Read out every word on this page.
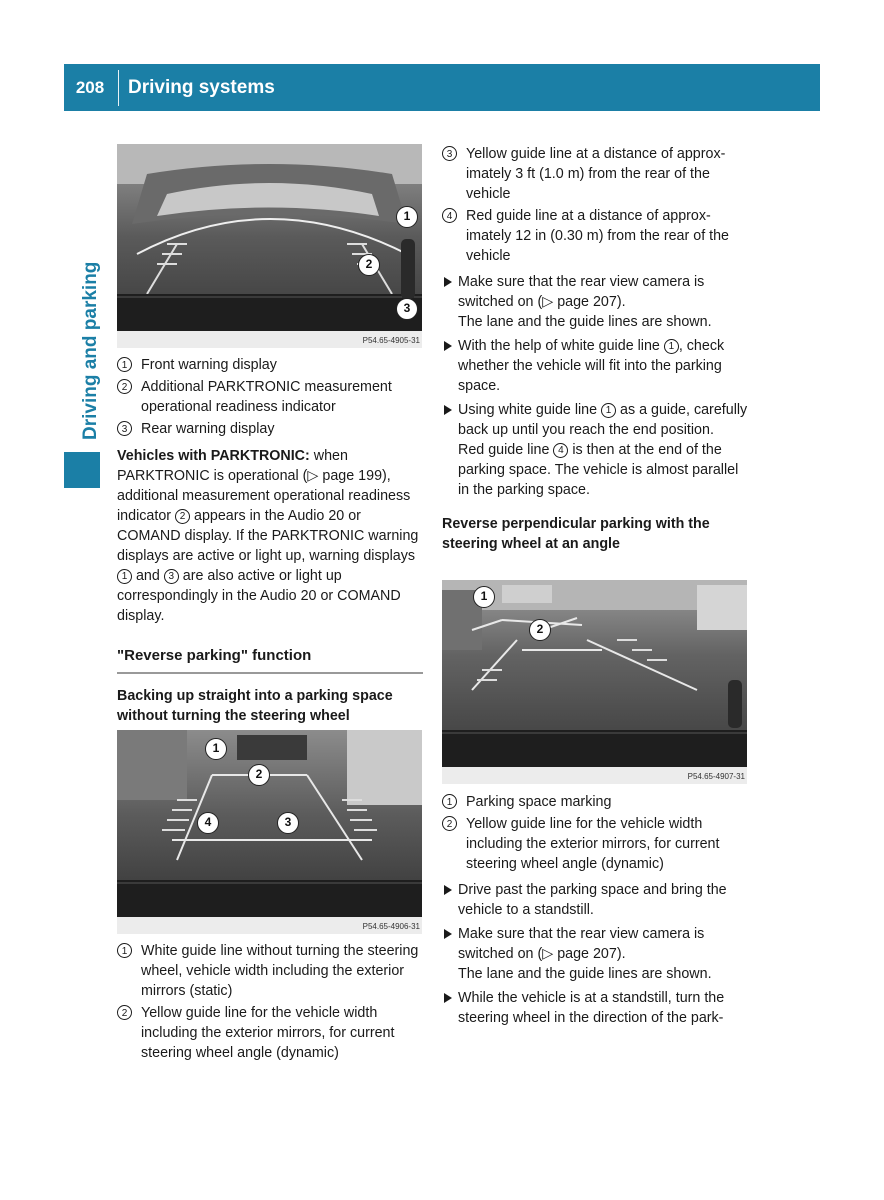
208	Driving systems
Driving and parking	P54.65-4905-31
1
2
3
1 Front warning display
2 Additional PARKTRONIC measurement operational readiness indicator
3 Rear warning display

Vehicles with PARKTRONIC: when PARKTRONIC is operational (▷ page 199), additional measurement operational readiness indicator 2 appears in the Audio 20 or COMAND display. If the PARKTRONIC warning displays are active or light up, warning displays 1 and 3 are also active or light up correspondingly in the Audio 20 or COMAND display.

"Reverse parking" function

Backing up straight into a parking space without turning the steering wheel

P54.65-4906-31
1
2
3
4
1 White guide line without turning the steering wheel, vehicle width including the exterior mirrors (static)
2 Yellow guide line for the vehicle width including the exterior mirrors, for current steering wheel angle (dynamic)
3 Yellow guide line at a distance of approximately 3 ft (1.0 m) from the rear of the vehicle
4 Red guide line at a distance of approximately 12 in (0.30 m) from the rear of the vehicle
Make sure that the rear view camera is switched on (▷ page 207).
The lane and the guide lines are shown.
With the help of white guide line 1 , check whether the vehicle will fit into the parking space.
Using white guide line 1 as a guide, carefully back up until you reach the end position.
Red guide line 4 is then at the end of the parking space. The vehicle is almost parallel in the parking space.

Reverse perpendicular parking with the steering wheel at an angle

P54.65-4907-31
1
2
1 Parking space marking
2 Yellow guide line for the vehicle width including the exterior mirrors, for current steering wheel angle (dynamic)
Drive past the parking space and bring the vehicle to a standstill.
Make sure that the rear view camera is switched on (▷ page 207).
The lane and the guide lines are shown.
While the vehicle is at a standstill, turn the steering wheel in the direction of the park-
